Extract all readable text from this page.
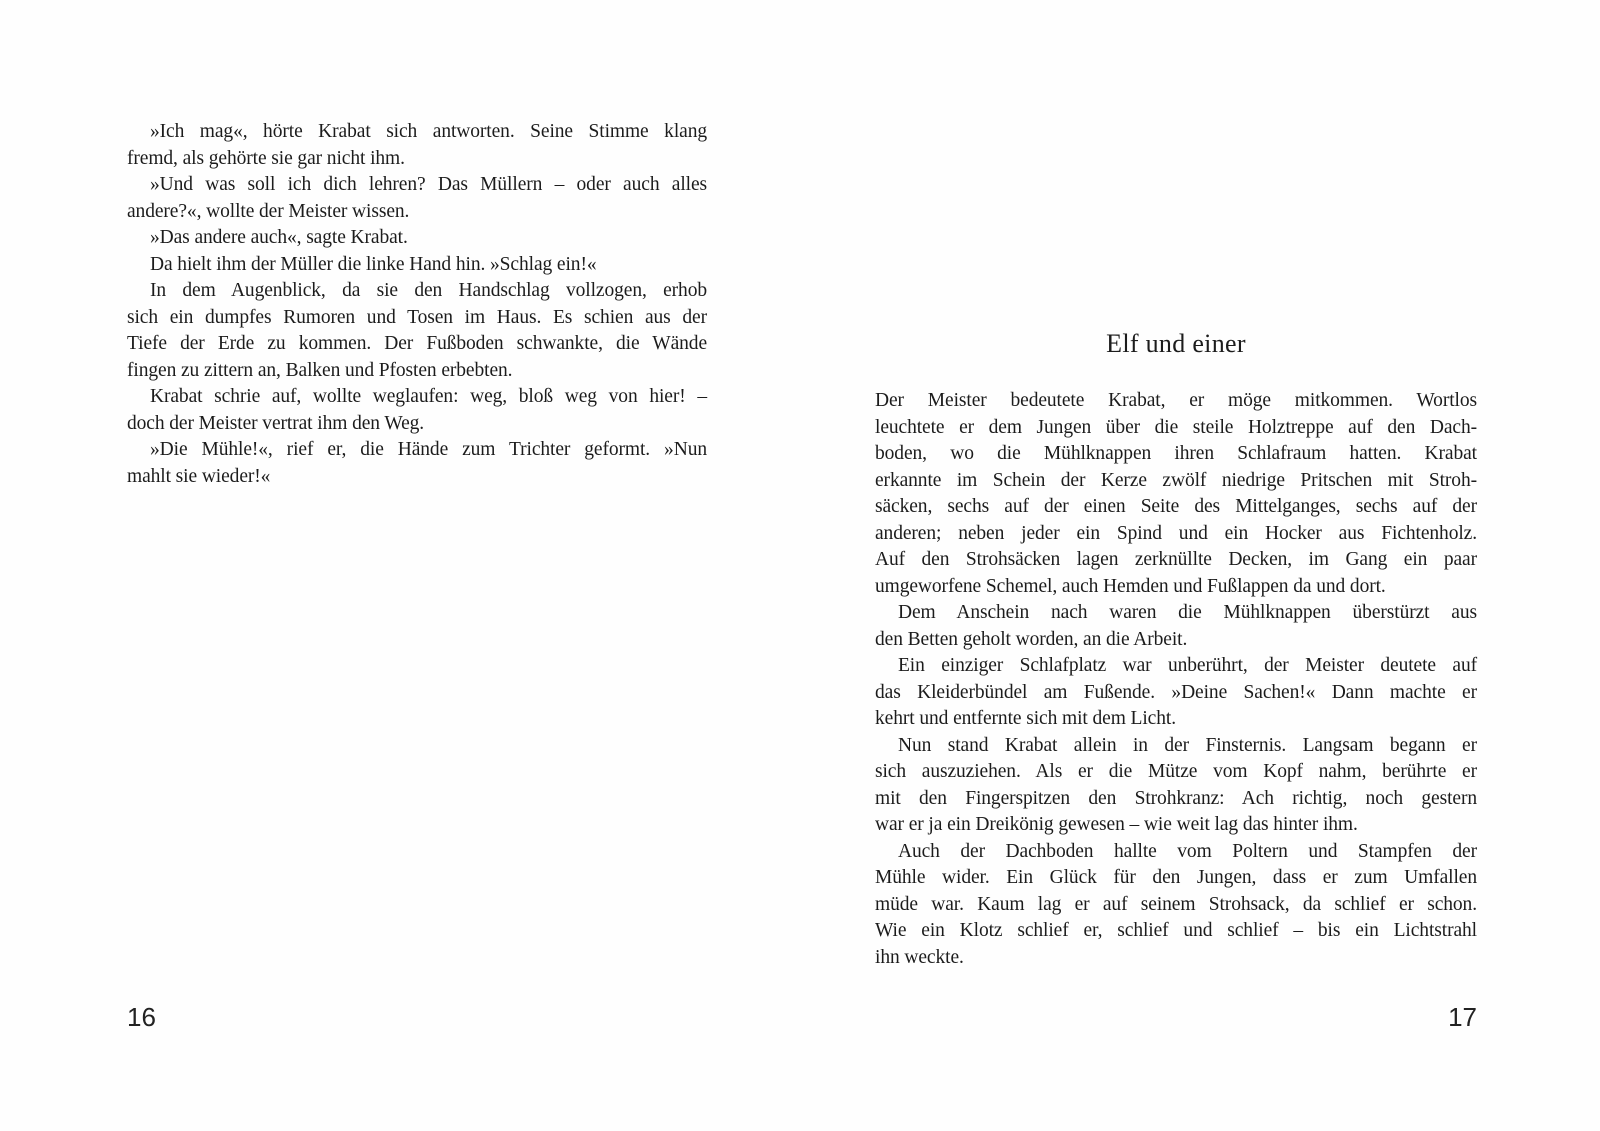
»Ich mag«, hörte Krabat sich antworten. Seine Stimme klang
fremd, als gehörte sie gar nicht ihm.
»Und was soll ich dich lehren? Das Müllern – oder auch alles
andere?«, wollte der Meister wissen.
»Das andere auch«, sagte Krabat.
Da hielt ihm der Müller die linke Hand hin. »Schlag ein!«
In dem Augenblick, da sie den Handschlag vollzogen, erhob
sich ein dumpfes Rumoren und Tosen im Haus. Es schien aus der
Tiefe der Erde zu kommen. Der Fußboden schwankte, die Wände
fingen zu zittern an, Balken und Pfosten erbebten.
Krabat schrie auf, wollte weglaufen: weg, bloß weg von hier! –
doch der Meister vertrat ihm den Weg.
»Die Mühle!«, rief er, die Hände zum Trichter geformt. »Nun
mahlt sie wieder!«
16
Elf und einer
Der Meister bedeutete Krabat, er möge mitkommen. Wortlos
leuchtete er dem Jungen über die steile Holztreppe auf den Dach-
boden, wo die Mühlknappen ihren Schlafraum hatten. Krabat
erkannte im Schein der Kerze zwölf niedrige Pritschen mit Stroh-
säcken, sechs auf der einen Seite des Mittelganges, sechs auf der
anderen; neben jeder ein Spind und ein Hocker aus Fichtenholz.
Auf den Strohsäcken lagen zerknüllte Decken, im Gang ein paar
umgeworfene Schemel, auch Hemden und Fußlappen da und dort.
Dem Anschein nach waren die Mühlknappen überstürzt aus
den Betten geholt worden, an die Arbeit.
Ein einziger Schlafplatz war unberührt, der Meister deutete auf
das Kleiderbündel am Fußende. »Deine Sachen!« Dann machte er
kehrt und entfernte sich mit dem Licht.
Nun stand Krabat allein in der Finsternis. Langsam begann er
sich auszuziehen. Als er die Mütze vom Kopf nahm, berührte er
mit den Fingerspitzen den Strohkranz: Ach richtig, noch gestern
war er ja ein Dreikönig gewesen – wie weit lag das hinter ihm.
Auch der Dachboden hallte vom Poltern und Stampfen der
Mühle wider. Ein Glück für den Jungen, dass er zum Umfallen
müde war. Kaum lag er auf seinem Strohsack, da schlief er schon.
Wie ein Klotz schlief er, schlief und schlief – bis ein Lichtstrahl
ihn weckte.
17
